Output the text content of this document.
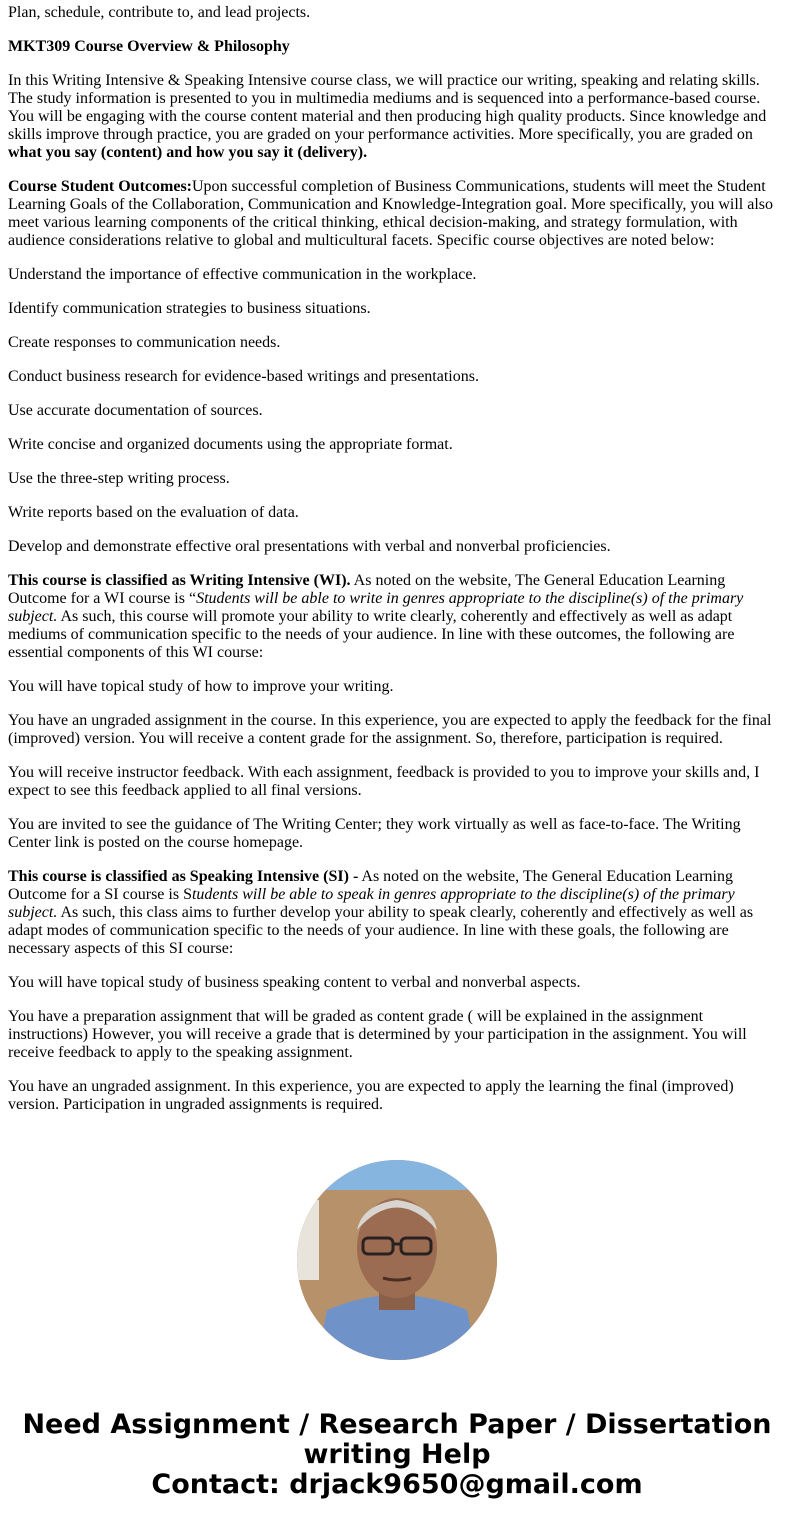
Plan, schedule, contribute to, and lead projects.

MKT309 Course Overview & Philosophy

In this Writing Intensive & Speaking Intensive course class, we will practice our writing, speaking and relating skills. The study information is presented to you in multimedia mediums and is sequenced into a performance-based course. You will be engaging with the course content material and then producing high quality products. Since knowledge and skills improve through practice, you are graded on your performance activities. More specifically, you are graded on what you say (content) and how you say it (delivery).

Course Student Outcomes:Upon successful completion of Business Communications, students will meet the Student Learning Goals of the Collaboration, Communication and Knowledge-Integration goal. More specifically, you will also meet various learning components of the critical thinking, ethical decision-making, and strategy formulation, with audience considerations relative to global and multicultural facets. Specific course objectives are noted below:

Understand the importance of effective communication in the workplace.

Identify communication strategies to business situations.

Create responses to communication needs.

Conduct business research for evidence-based writings and presentations.

Use accurate documentation of sources.

Write concise and organized documents using the appropriate format.

Use the three-step writing process.

Write reports based on the evaluation of data.

Develop and demonstrate effective oral presentations with verbal and nonverbal proficiencies.

This course is classified as Writing Intensive (WI). As noted on the website, The General Education Learning Outcome for a WI course is “Students will be able to write in genres appropriate to the discipline(s) of the primary subject. As such, this course will promote your ability to write clearly, coherently and effectively as well as adapt mediums of communication specific to the needs of your audience. In line with these outcomes, the following are essential components of this WI course:

You will have topical study of how to improve your writing.

You have an ungraded assignment in the course. In this experience, you are expected to apply the feedback for the final (improved) version. You will receive a content grade for the assignment. So, therefore, participation is required.

You will receive instructor feedback. With each assignment, feedback is provided to you to improve your skills and, I expect to see this feedback applied to all final versions.

You are invited to see the guidance of The Writing Center; they work virtually as well as face-to-face. The Writing Center link is posted on the course homepage.

This course is classified as Speaking Intensive (SI) - As noted on the website, The General Education Learning Outcome for a SI course is Students will be able to speak in genres appropriate to the discipline(s) of the primary subject. As such, this class aims to further develop your ability to speak clearly, coherently and effectively as well as adapt modes of communication specific to the needs of your audience. In line with these goals, the following are necessary aspects of this SI course:

You will have topical study of business speaking content to verbal and nonverbal aspects.

You have a preparation assignment that will be graded as content grade ( will be explained in the assignment instructions) However, you will receive a grade that is determined by your participation in the assignment. You will receive feedback to apply to the speaking assignment.

You have an ungraded assignment. In this experience, you are expected to apply the learning the final (improved) version. Participation in ungraded assignments is required.

Need Assignment / Research Paper / Dissertation writing Help
Contact: drjack9650@gmail.com
